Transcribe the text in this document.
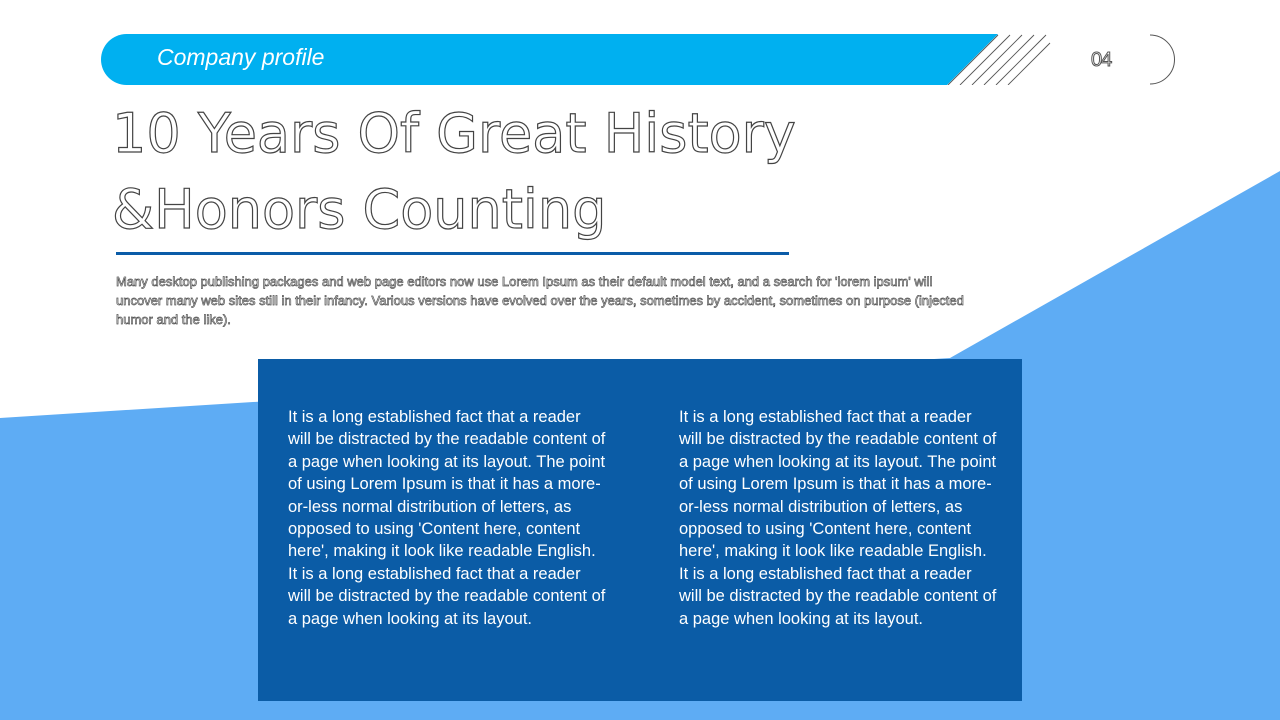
Company profile	04
10 Years Of Great History
&Honors Counting
Many desktop publishing packages and web page editors now use Lorem Ipsum as their default model text, and a search for 'lorem ipsum' will uncover many web sites still in their infancy. Various versions have evolved over the years, sometimes by accident, sometimes on purpose (injected humor and the like).
It is a long established fact that a reader will be distracted by the readable content of a page when looking at its layout. The point of using Lorem Ipsum is that it has a more-or-less normal distribution of letters, as opposed to using 'Content here, content here', making it look like readable English. It is a long established fact that a reader will be distracted by the readable content of a page when looking at its layout.
It is a long established fact that a reader will be distracted by the readable content of a page when looking at its layout. The point of using Lorem Ipsum is that it has a more-or-less normal distribution of letters, as opposed to using 'Content here, content here', making it look like readable English. It is a long established fact that a reader will be distracted by the readable content of a page when looking at its layout.
